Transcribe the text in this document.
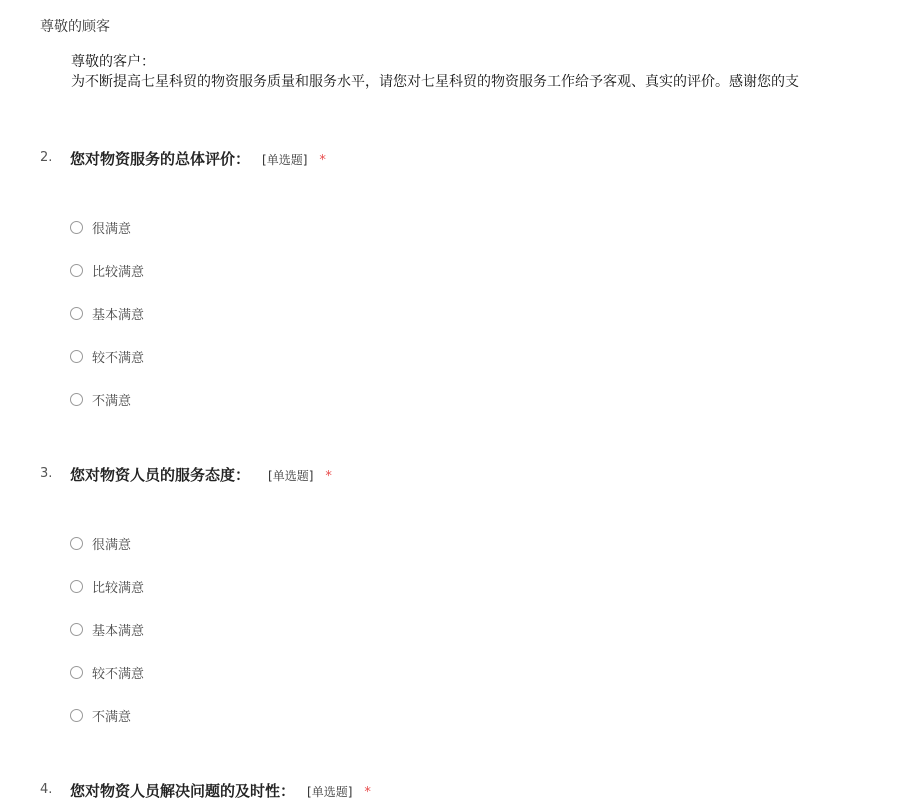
尊敬的顾客
尊敬的客户：
为不断提高七星科贸的物资服务质量和服务水平，请您对七星科贸的物资服务工作给予客观、真实的评价。感谢您的支
2. 您对物资服务的总体评价： [单选题] *
很满意
比较满意
基本满意
较不满意
不满意
3. 您对物资人员的服务态度： [单选题] *
很满意
比较满意
基本满意
较不满意
不满意
4. 您对物资人员解决问题的及时性： [单选题] *
